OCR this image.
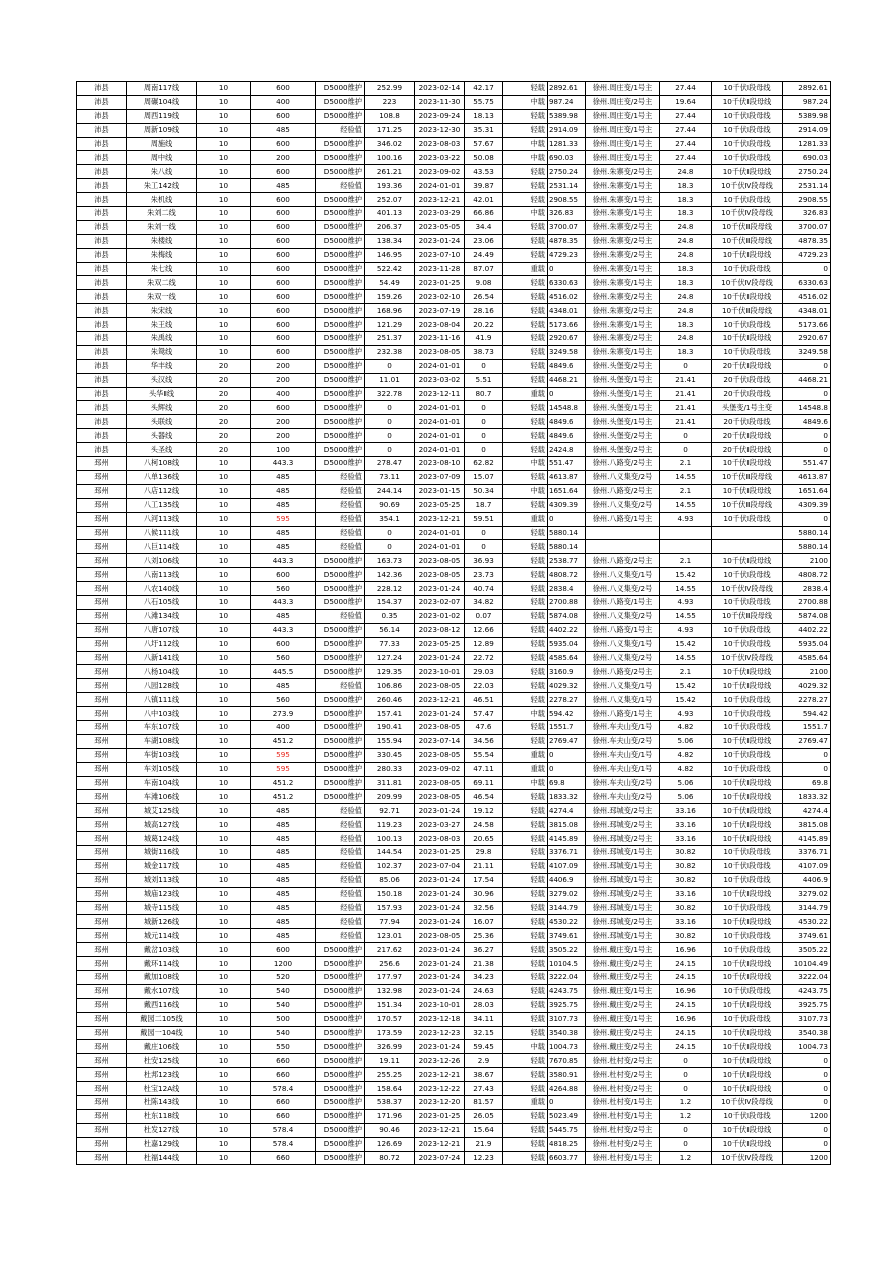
沛县	周南117线	10	600	D5000维护	252.99	2023-02-14	42.17	轻载	2892.61	徐州.周庄变/1号主	27.44	10千伏Ⅰ段母线	2892.61
沛县	周碾104线	10	400	D5000维护	223	2023-11-30	55.75	中载	987.24	徐州.周庄变/2号主	19.64	10千伏Ⅱ段母线	987.24
沛县	周西119线	10	600	D5000维护	108.8	2023-09-24	18.13	轻载	5389.98	徐州.周庄变/1号主	27.44	10千伏Ⅰ段母线	5389.98
沛县	周新109线	10	485	经验值	171.25	2023-12-30	35.31	轻载	2914.09	徐州.周庄变/1号主	27.44	10千伏Ⅰ段母线	2914.09
沛县	周施线	10	600	D5000维护	346.02	2023-08-03	57.67	中载	1281.33	徐州.周庄变/1号主	27.44	10千伏Ⅰ段母线	1281.33
沛县	周中线	10	200	D5000维护	100.16	2023-03-22	50.08	中载	690.03	徐州.周庄变/1号主	27.44	10千伏Ⅰ段母线	690.03
沛县	朱八线	10	600	D5000维护	261.21	2023-09-02	43.53	轻载	2750.24	徐州.朱寨变/2号主	24.8	10千伏Ⅱ段母线	2750.24
沛县	朱工142线	10	485	经验值	193.36	2024-01-01	39.87	轻载	2531.14	徐州.朱寨变/1号主	18.3	10千伏Ⅳ段母线	2531.14
沛县	朱机线	10	600	D5000维护	252.07	2023-12-21	42.01	轻载	2908.55	徐州.朱寨变/1号主	18.3	10千伏Ⅰ段母线	2908.55
沛县	朱刘二线	10	600	D5000维护	401.13	2023-03-29	66.86	中载	326.83	徐州.朱寨变/1号主	18.3	10千伏Ⅳ段母线	326.83
沛县	朱刘一线	10	600	D5000维护	206.37	2023-05-05	34.4	轻载	3700.07	徐州.朱寨变/2号主	24.8	10千伏Ⅲ段母线	3700.07
沛县	朱楼线	10	600	D5000维护	138.34	2023-01-24	23.06	轻载	4878.35	徐州.朱寨变/2号主	24.8	10千伏Ⅲ段母线	4878.35
沛县	朱梅线	10	600	D5000维护	146.95	2023-07-10	24.49	轻载	4729.23	徐州.朱寨变/2号主	24.8	10千伏Ⅱ段母线	4729.23
沛县	朱七线	10	600	D5000维护	522.42	2023-11-28	87.07	重载	0	徐州.朱寨变/1号主	18.3	10千伏Ⅰ段母线	0
沛县	朱双二线	10	600	D5000维护	54.49	2023-01-25	9.08	轻载	6330.63	徐州.朱寨变/1号主	18.3	10千伏Ⅳ段母线	6330.63
沛县	朱双一线	10	600	D5000维护	159.26	2023-02-10	26.54	轻载	4516.02	徐州.朱寨变/2号主	24.8	10千伏Ⅱ段母线	4516.02
沛县	朱宋线	10	600	D5000维护	168.96	2023-07-19	28.16	轻载	4348.01	徐州.朱寨变/2号主	24.8	10千伏Ⅲ段母线	4348.01
沛县	朱王线	10	600	D5000维护	121.29	2023-08-04	20.22	轻载	5173.66	徐州.朱寨变/1号主	18.3	10千伏Ⅰ段母线	5173.66
沛县	朱禹线	10	600	D5000维护	251.37	2023-11-16	41.9	轻载	2920.67	徐州.朱寨变/2号主	24.8	10千伏Ⅱ段母线	2920.67
沛县	朱鸳线	10	600	D5000维护	232.38	2023-08-05	38.73	轻载	3249.58	徐州.朱寨变/1号主	18.3	10千伏Ⅰ段母线	3249.58
沛县	华丰线	20	200	D5000维护	0	2024-01-01	0	轻载	4849.6	徐州.头堡变/2号主	0	20千伏Ⅱ段母线	0
沛县	头汉线	20	200	D5000维护	11.01	2023-03-02	5.51	轻载	4468.21	徐州.头堡变/1号主	21.41	20千伏Ⅰ段母线	4468.21
沛县	头华Ⅱ线	20	400	D5000维护	322.78	2023-12-11	80.7	重载	0	徐州.头堡变/1号主	21.41	20千伏Ⅰ段母线	0
沛县	头辉线	20	600	D5000维护	0	2024-01-01	0	轻载	14548.8	徐州.头堡变/1号主	21.41	头堡变/1号主变	14548.8
沛县	头联线	20	200	D5000维护	0	2024-01-01	0	轻载	4849.6	徐州.头堡变/1号主	21.41	20千伏Ⅰ段母线	4849.6
沛县	头器线	20	200	D5000维护	0	2024-01-01	0	轻载	4849.6	徐州.头堡变/2号主	0	20千伏Ⅱ段母线	0
沛县	头圣线	20	100	D5000维护	0	2024-01-01	0	轻载	2424.8	徐州.头堡变/2号主	0	20千伏Ⅱ段母线	0
邳州	八柯108线	10	443.3	D5000维护	278.47	2023-08-10	62.82	中载	551.47	徐州.八路变/2号主	2.1	10千伏Ⅱ段母线	551.47
邳州	八单136线	10	485	经验值	73.11	2023-07-09	15.07	轻载	4613.87	徐州.八义集变/2号	14.55	10千伏Ⅲ段母线	4613.87
邳州	八店112线	10	485	经验值	244.14	2023-01-15	50.34	中载	1651.64	徐州.八路变/2号主	2.1	10千伏Ⅱ段母线	1651.64
邳州	八工135线	10	485	经验值	90.69	2023-05-25	18.7	轻载	4309.39	徐州.八义集变/2号	14.55	10千伏Ⅲ段母线	4309.39
邳州	八河113线	10	595	经验值	354.1	2023-12-21	59.51	重载	0	徐州.八路变/1号主	4.93	10千伏Ⅰ段母线	0
邳州	八候111线	10	485	经验值	0	2024-01-01	0	轻载	5880.14				5880.14
邳州	八巨114线	10	485	经验值	0	2024-01-01	0	轻载	5880.14				5880.14
邳州	八刘106线	10	443.3	D5000维护	163.73	2023-08-05	36.93	轻载	2538.77	徐州.八路变/2号主	2.1	10千伏Ⅱ段母线	2100
邳州	八南113线	10	600	D5000维护	142.36	2023-08-05	23.73	轻载	4808.72	徐州.八义集变/1号	15.42	10千伏Ⅰ段母线	4808.72
邳州	八农140线	10	560	D5000维护	228.12	2023-01-24	40.74	轻载	2838.4	徐州.八义集变/2号	14.55	10千伏Ⅳ段母线	2838.4
邳州	八石105线	10	443.3	D5000维护	154.37	2023-02-07	34.82	轻载	2700.88	徐州.八路变/1号主	4.93	10千伏Ⅰ段母线	2700.88
邳州	八滩134线	10	485	经验值	0.35	2023-01-02	0.07	轻载	5874.08	徐州.八义集变/2号	14.55	10千伏Ⅲ段母线	5874.08
邳州	八唐107线	10	443.3	D5000维护	56.14	2023-08-12	12.66	轻载	4402.22	徐州.八路变/1号主	4.93	10千伏Ⅰ段母线	4402.22
邳州	八圩112线	10	600	D5000维护	77.33	2023-05-25	12.89	轻载	5935.04	徐州.八义集变/1号	15.42	10千伏Ⅰ段母线	5935.04
邳州	八新141线	10	560	D5000维护	127.24	2023-01-24	22.72	轻载	4585.64	徐州.八义集变/2号	14.55	10千伏Ⅳ段母线	4585.64
邳州	八杨104线	10	445.5	D5000维护	129.35	2023-10-01	29.03	轻载	3160.9	徐州.八路变/2号主	2.1	10千伏Ⅱ段母线	2100
邳州	八园128线	10	485	经验值	106.86	2023-08-05	22.03	轻载	4029.32	徐州.八义集变/1号	15.42	10千伏Ⅱ段母线	4029.32
邳州	八镇111线	10	560	D5000维护	260.46	2023-12-21	46.51	轻载	2278.27	徐州.八义集变/1号	15.42	10千伏Ⅰ段母线	2278.27
邳州	八中103线	10	273.9	D5000维护	157.41	2023-01-24	57.47	中载	594.42	徐州.八路变/1号主	4.93	10千伏Ⅰ段母线	594.42
邳州	车东107线	10	400	D5000维护	190.41	2023-08-05	47.6	轻载	1551.7	徐州.车夫山变/1号	4.82	10千伏Ⅰ段母线	1551.7
邳州	车湖108线	10	451.2	D5000维护	155.94	2023-07-14	34.56	轻载	2769.47	徐州.车夫山变/2号	5.06	10千伏Ⅱ段母线	2769.47
邳州	车街103线	10	595	D5000维护	330.45	2023-08-05	55.54	重载	0	徐州.车夫山变/1号	4.82	10千伏Ⅰ段母线	0
邳州	车刘105线	10	595	D5000维护	280.33	2023-09-02	47.11	重载	0	徐州.车夫山变/1号	4.82	10千伏Ⅰ段母线	0
邳州	车南104线	10	451.2	D5000维护	311.81	2023-08-05	69.11	中载	69.8	徐州.车夫山变/2号	5.06	10千伏Ⅱ段母线	69.8
邳州	车滩106线	10	451.2	D5000维护	209.99	2023-08-05	46.54	轻载	1833.32	徐州.车夫山变/2号	5.06	10千伏Ⅱ段母线	1833.32
邳州	城艾125线	10	485	经验值	92.71	2023-01-24	19.12	轻载	4274.4	徐州.邳城变/2号主	33.16	10千伏Ⅱ段母线	4274.4
邳州	城高127线	10	485	经验值	119.23	2023-03-27	24.58	轻载	3815.08	徐州.邳城变/2号主	33.16	10千伏Ⅱ段母线	3815.08
邳州	城葛124线	10	485	经验值	100.13	2023-08-03	20.65	轻载	4145.89	徐州.邳城变/2号主	33.16	10千伏Ⅱ段母线	4145.89
邳州	城街116线	10	485	经验值	144.54	2023-01-25	29.8	轻载	3376.71	徐州.邳城变/1号主	30.82	10千伏Ⅰ段母线	3376.71
邳州	城金117线	10	485	经验值	102.37	2023-07-04	21.11	轻载	4107.09	徐州.邳城变/1号主	30.82	10千伏Ⅰ段母线	4107.09
邳州	城刘113线	10	485	经验值	85.06	2023-01-24	17.54	轻载	4406.9	徐州.邳城变/1号主	30.82	10千伏Ⅰ段母线	4406.9
邳州	城庙123线	10	485	经验值	150.18	2023-01-24	30.96	轻载	3279.02	徐州.邳城变/2号主	33.16	10千伏Ⅱ段母线	3279.02
邳州	城寺115线	10	485	经验值	157.93	2023-01-24	32.56	轻载	3144.79	徐州.邳城变/1号主	30.82	10千伏Ⅰ段母线	3144.79
邳州	城新126线	10	485	经验值	77.94	2023-01-24	16.07	轻载	4530.22	徐州.邳城变/2号主	33.16	10千伏Ⅱ段母线	4530.22
邳州	城元114线	10	485	经验值	123.01	2023-08-05	25.36	轻载	3749.61	徐州.邳城变/1号主	30.82	10千伏Ⅰ段母线	3749.61
邳州	戴岔103线	10	600	D5000维护	217.62	2023-01-24	36.27	轻载	3505.22	徐州.戴庄变/1号主	16.96	10千伏Ⅰ段母线	3505.22
邳州	戴环114线	10	1200	D5000维护	256.6	2023-01-24	21.38	轻载	10104.5	徐州.戴庄变/2号主	24.15	10千伏Ⅱ段母线	10104.49
邳州	戴加108线	10	520	D5000维护	177.97	2023-01-24	34.23	轻载	3222.04	徐州.戴庄变/2号主	24.15	10千伏Ⅱ段母线	3222.04
邳州	戴水107线	10	540	D5000维护	132.98	2023-01-24	24.63	轻载	4243.75	徐州.戴庄变/1号主	16.96	10千伏Ⅰ段母线	4243.75
邳州	戴西116线	10	540	D5000维护	151.34	2023-10-01	28.03	轻载	3925.75	徐州.戴庄变/2号主	24.15	10千伏Ⅱ段母线	3925.75
邳州	戴园二105线	10	500	D5000维护	170.57	2023-12-18	34.11	轻载	3107.73	徐州.戴庄变/1号主	16.96	10千伏Ⅰ段母线	3107.73
邳州	戴园一104线	10	540	D5000维护	173.59	2023-12-23	32.15	轻载	3540.38	徐州.戴庄变/2号主	24.15	10千伏Ⅱ段母线	3540.38
邳州	戴庄106线	10	550	D5000维护	326.99	2023-01-24	59.45	中载	1004.73	徐州.戴庄变/2号主	24.15	10千伏Ⅱ段母线	1004.73
邳州	杜安125线	10	660	D5000维护	19.11	2023-12-26	2.9	轻载	7670.85	徐州.杜村变/2号主	0	10千伏Ⅱ段母线	0
邳州	杜邦123线	10	660	D5000维护	255.25	2023-12-21	38.67	轻载	3580.91	徐州.杜村变/2号主	0	10千伏Ⅱ段母线	0
邳州	杜宝12A线	10	578.4	D5000维护	158.64	2023-12-22	27.43	轻载	4264.88	徐州.杜村变/2号主	0	10千伏Ⅱ段母线	0
邳州	杜陈143线	10	660	D5000维护	538.37	2023-12-20	81.57	重载	0	徐州.杜村变/1号主	1.2	10千伏Ⅳ段母线	0
邳州	杜东118线	10	660	D5000维护	171.96	2023-01-25	26.05	轻载	5023.49	徐州.杜村变/1号主	1.2	10千伏Ⅰ段母线	1200
邳州	杜发127线	10	578.4	D5000维护	90.46	2023-12-21	15.64	轻载	5445.75	徐州.杜村变/2号主	0	10千伏Ⅱ段母线	0
邳州	杜嘉129线	10	578.4	D5000维护	126.69	2023-12-21	21.9	轻载	4818.25	徐州.杜村变/2号主	0	10千伏Ⅱ段母线	0
邳州	杜福144线	10	660	D5000维护	80.72	2023-07-24	12.23	轻载	6603.77	徐州.杜村变/1号主	1.2	10千伏Ⅳ段母线	1200
